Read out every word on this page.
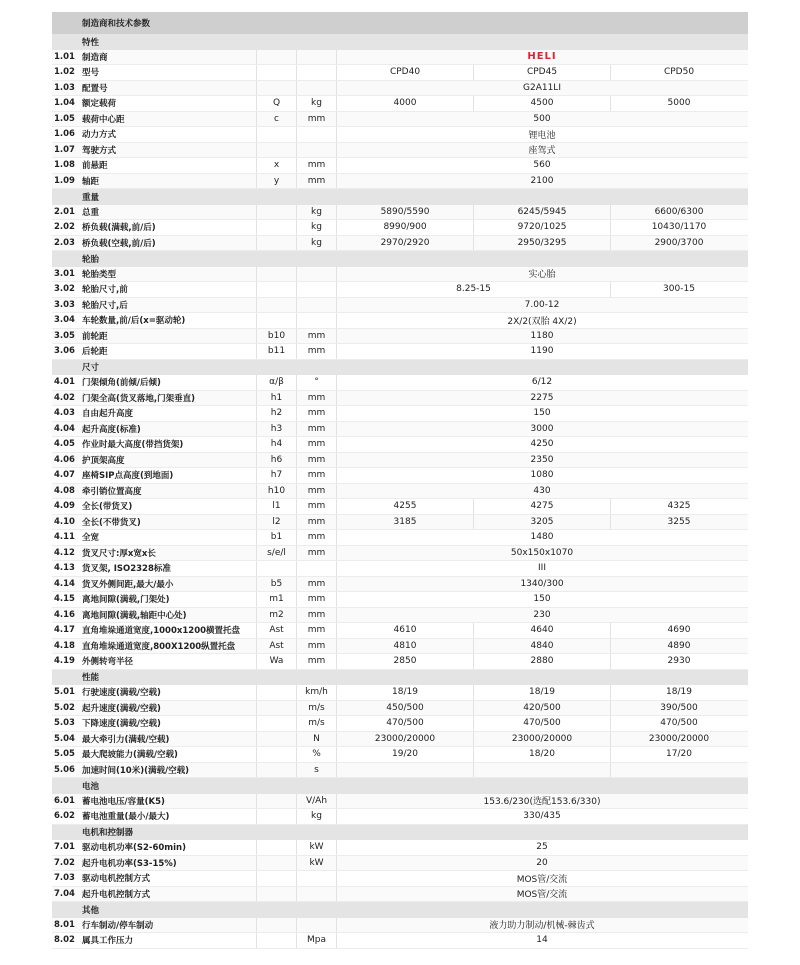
制造商和技术参数
特性
1.01 制造商	HELI
1.02 型号	CPD40	CPD45	CPD50
1.03 配置号	G2A11LI
1.04 额定载荷	Q	kg	4000	4500	5000
1.05 载荷中心距	c	mm	500
1.06 动力方式	锂电池
1.07 驾驶方式	座驾式
1.08 前悬距	x	mm	560
1.09 轴距	y	mm	2100
重量
2.01 总重	kg	5890/5590	6245/5945	6600/6300
2.02 桥负载(满载,前/后)	kg	8990/900	9720/1025	10430/1170
2.03 桥负载(空载,前/后)	kg	2970/2920	2950/3295	2900/3700
轮胎
3.01 轮胎类型	实心胎
3.02 轮胎尺寸,前	8.25-15	300-15
3.03 轮胎尺寸,后	7.00-12
3.04 车轮数量,前/后(x=驱动轮)	2X/2(双胎 4X/2)
3.05 前轮距	b10	mm	1180
3.06 后轮距	b11	mm	1190
尺寸
4.01 门架倾角(前倾/后倾)	α/β	°	6/12
4.02 门架全高(货叉落地,门架垂直)	h1	mm	2275
4.03 自由起升高度	h2	mm	150
4.04 起升高度(标准)	h3	mm	3000
4.05 作业时最大高度(带挡货架)	h4	mm	4250
4.06 护顶架高度	h6	mm	2350
4.07 座椅SIP点高度(到地面)	h7	mm	1080
4.08 牵引销位置高度	h10	mm	430
4.09 全长(带货叉)	l1	mm	4255	4275	4325
4.10 全长(不带货叉)	l2	mm	3185	3205	3255
4.11 全宽	b1	mm	1480
4.12 货叉尺寸:厚x宽x长	s/e/l	mm	50x150x1070
4.13 货叉架, ISO2328标准	III
4.14 货叉外侧间距,最大/最小	b5	mm	1340/300
4.15 离地间隙(满载,门架处)	m1	mm	150
4.16 离地间隙(满载,轴距中心处)	m2	mm	230
4.17 直角堆垛通道宽度,1000x1200横置托盘	Ast	mm	4610	4640	4690
4.18 直角堆垛通道宽度,800X1200纵置托盘	Ast	mm	4810	4840	4890
4.19 外侧转弯半径	Wa	mm	2850	2880	2930
性能
5.01 行驶速度(满载/空载)	km/h	18/19	18/19	18/19
5.02 起升速度(满载/空载)	m/s	450/500	420/500	390/500
5.03 下降速度(满载/空载)	m/s	470/500	470/500	470/500
5.04 最大牵引力(满载/空载)	N	23000/20000	23000/20000	23000/20000
5.05 最大爬坡能力(满载/空载)	%	19/20	18/20	17/20
5.06 加速时间(10米)(满载/空载)	s
电池
6.01 蓄电池电压/容量(K5)	V/Ah	153.6/230(选配153.6/330)
6.02 蓄电池重量(最小/最大)	kg	330/435
电机和控制器
7.01 驱动电机功率(S2-60min)	kW	25
7.02 起升电机功率(S3-15%)	kW	20
7.03 驱动电机控制方式	MOS管/交流
7.04 起升电机控制方式	MOS管/交流
其他
8.01 行车制动/停车制动	液力助力制动/机械-棘齿式
8.02 属具工作压力	Mpa	14
